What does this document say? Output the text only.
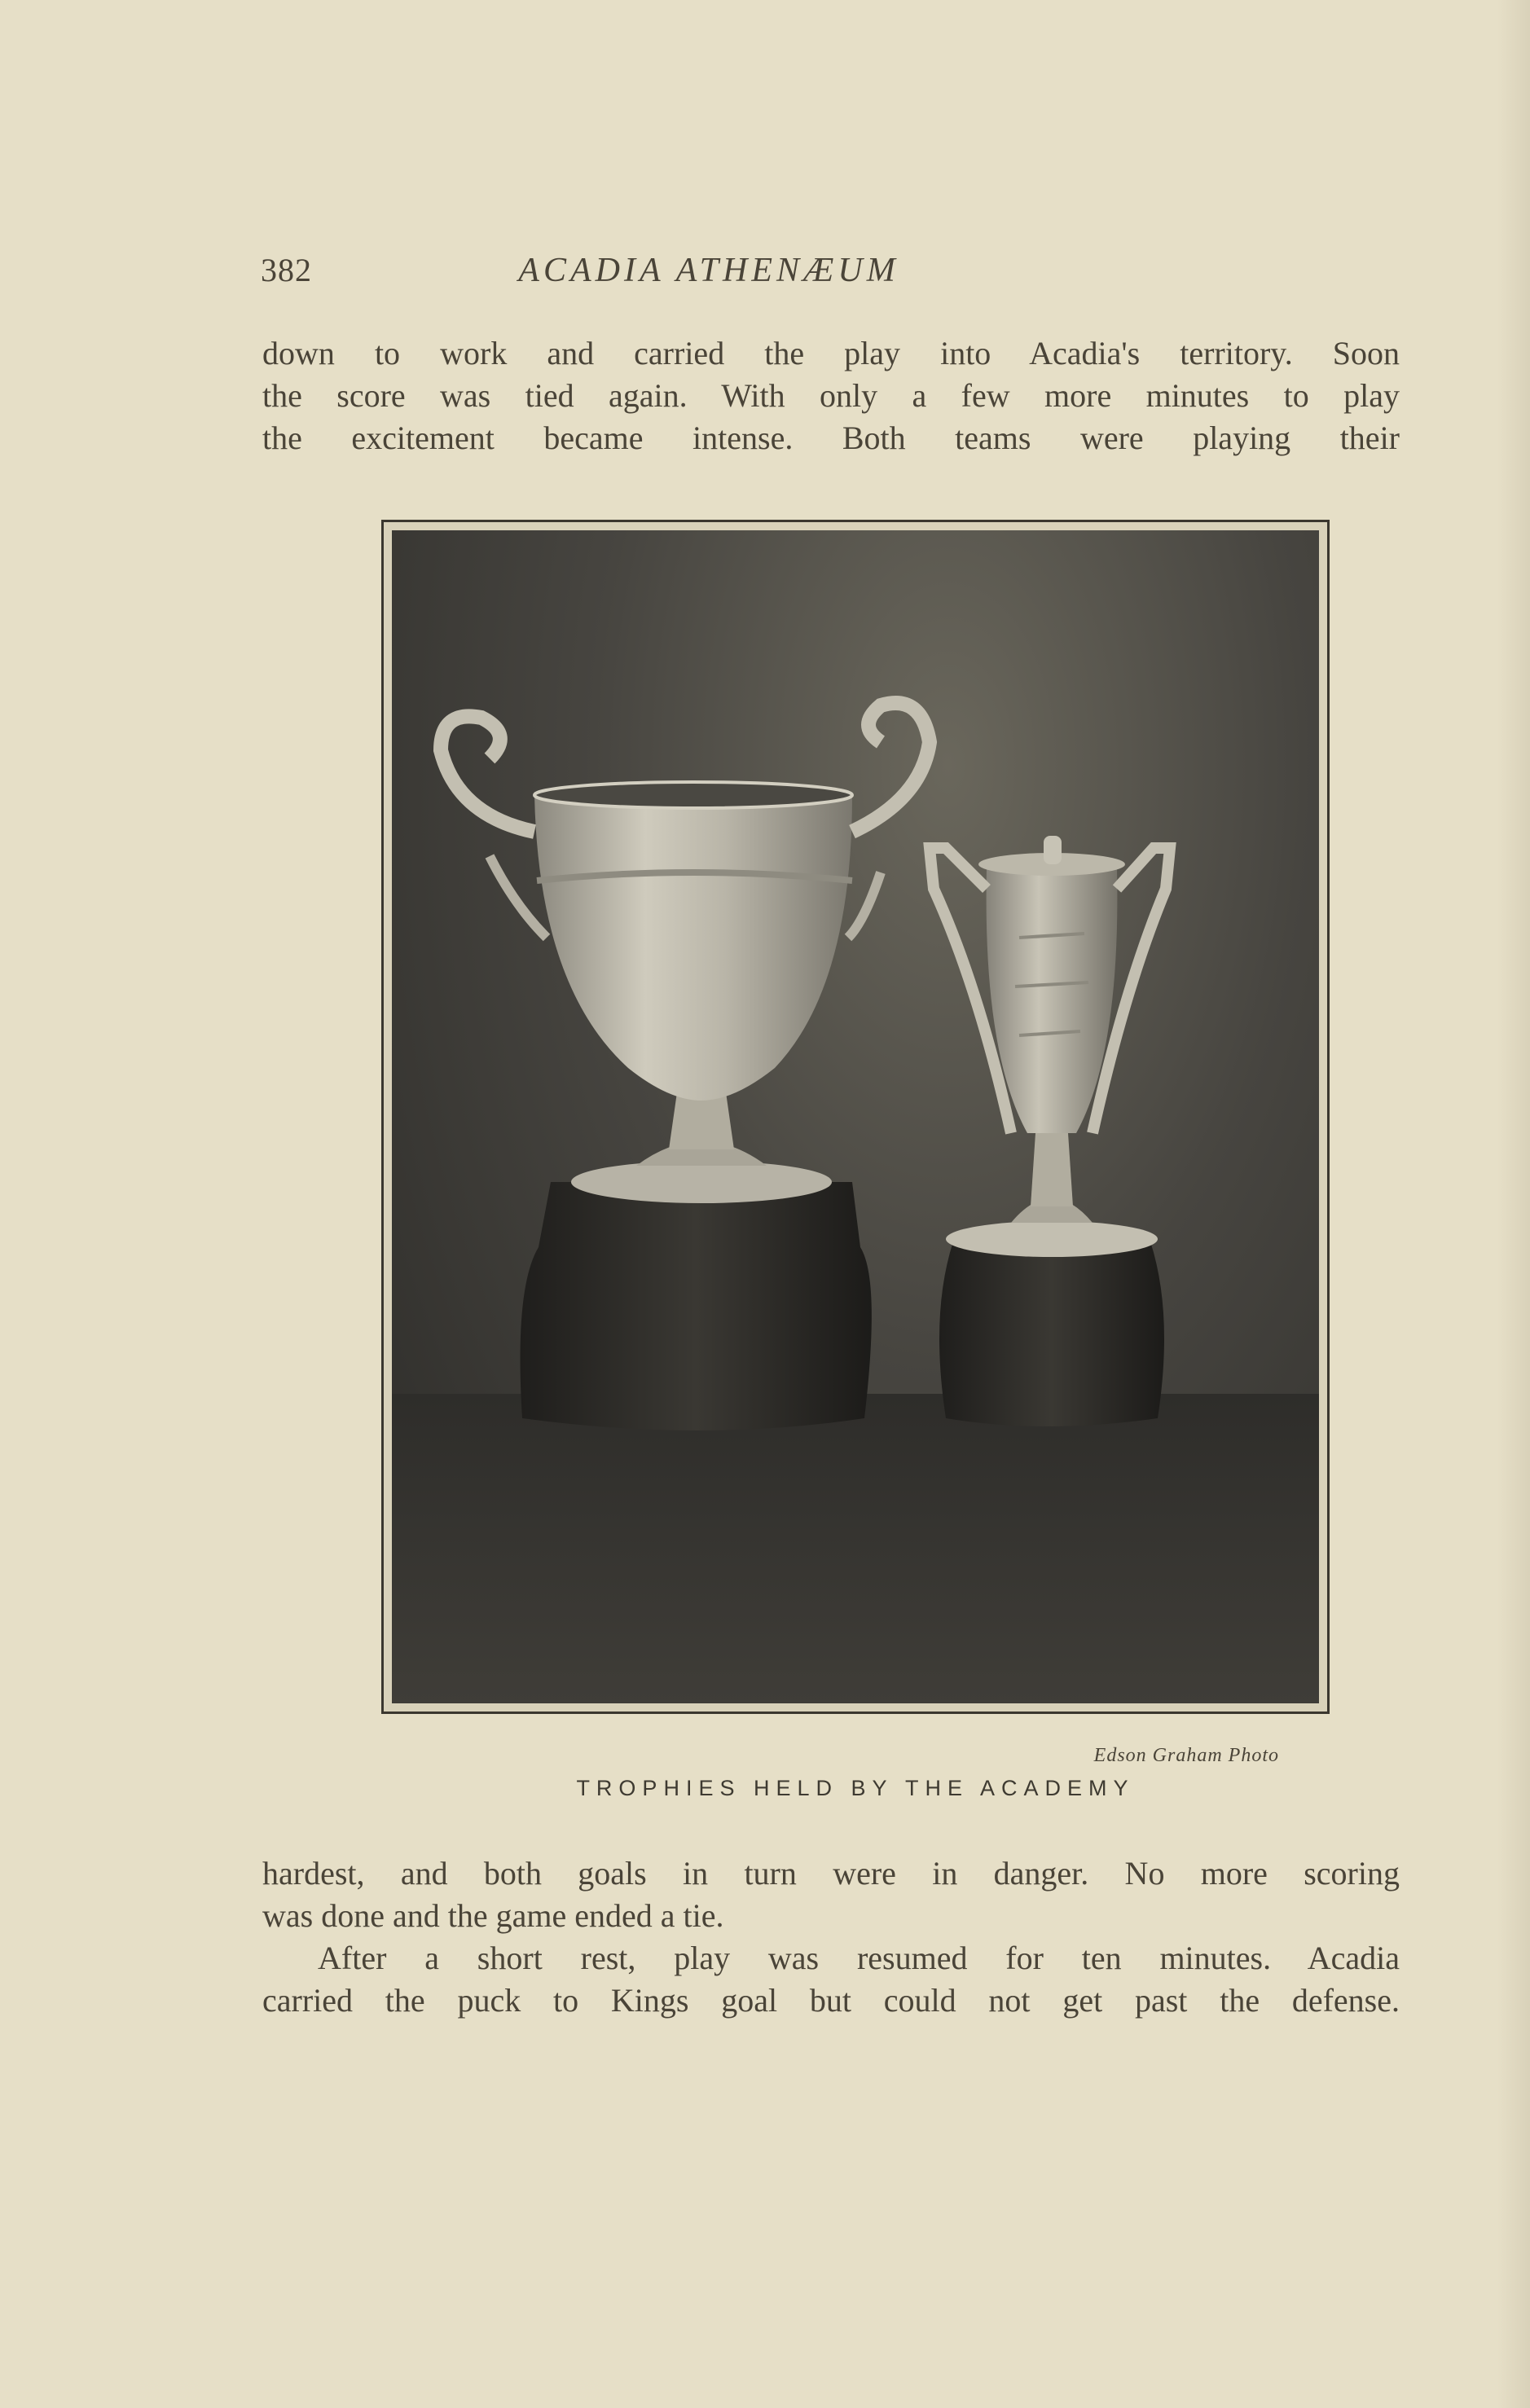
382	ACADIA ATHENÆUM
down to work and carried the play into Acadia's territory. Soon
the score was tied again. With only a few more minutes to play
the excitement became intense. Both teams were playing their
Edson Graham Photo
TROPHIES HELD BY THE ACADEMY
hardest, and both goals in turn were in danger. No more scoring
was done and the game ended a tie.
After a short rest, play was resumed for ten minutes. Acadia
carried the puck to Kings goal but could not get past the defense.
